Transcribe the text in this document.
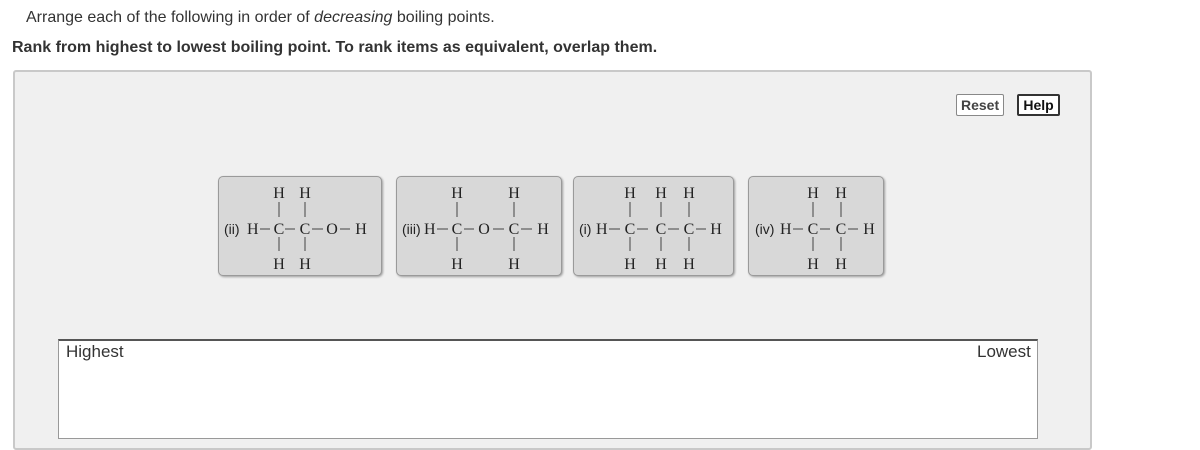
Arrange each of the following in order of decreasing boiling points.
Rank from highest to lowest boiling point. To rank items as equivalent, overlap them.
Reset	Help
(ii) H C C O H
H H
H H
(iii) H C O C H
H	H
H	H
(i) H C C C H
H H H
H H H
(iv) H C C H
H H
H H
Highest	Lowest
